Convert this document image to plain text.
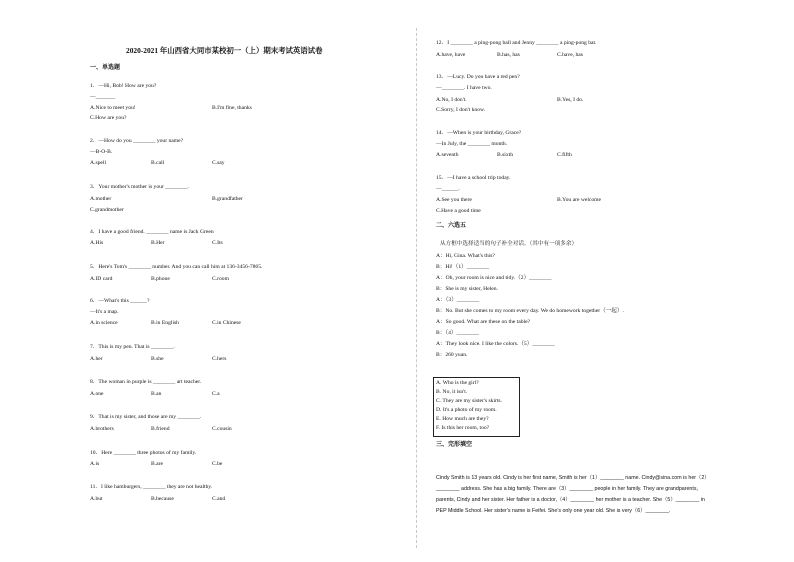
2020-2021 年山西省大同市某校初一（上）期末考试英语试卷
一、单选题
1．—Hi, Bob! How are you?
—_______
A.Nice to meet you!	B.I'm fine, thanks
C.How are you?
2．—How do you ________ your name?
—B-O-B.
A.spell	B.call	C.say
3．Your mother's mother is your ________.
A.mother	B.grandfather
C.grandmother
4．I have a good friend. ________ name is Jack Green
A.His	B.Her	C.Its
5．Here's Tom's ________ number. And you can call him at 136-3456-7865.
A.ID card	B.phone	C.room
6．—What's this ______?
—It's a map.
A.in science	B.in English	C.in Chinese
7．This is my pen. That is ________.
A.her	B.she	C.hers
8．The woman in purple is ________ art teacher.
A.one	B.an	C.a
9．That is my sister, and those are my ________.
A.brothers	B.friend	C.cousin
10．Here ________ three photos of my family.
A.is	B.are	C.be
11．I like hamburgers, ________ they are not healthy.
A.but	B.because	C.and
12．I ________ a ping-pong ball and Jenny ________ a ping-pong bat.
A.have, have	B.has, has	C.have, has
13．—Lucy. Do you have a red pen?
—________. I have two.
A.No, I don't.	B.Yes, I do.
C.Sorry, I don't know.
14．—When is your birthday, Grace?
—In July, the ________ month.
A.seventh	B.sixth	C.fifth
15．—I have a school trip today.
—______.
A.See you there	B.You are welcome
C.Have a good time
二、六选五
从方框中选择适当的句子补全对话。（其中有一项多余）
A：Hi, Gina. What's this?
B：Hi!（1）________
A：Oh, your room is nice and tidy.（2）________
B：She is my sister, Helen.
A：（3）________
B：No. But she comes to my room every day. We do homework together（一起）.
A：So good. What are these on the table?
B：（4）________
A：They look nice. I like the colors.（5）________
B：260 yuan.
A. Who is the girl?
B. No, it isn't.
C. They are my sister's skirts.
D. It's a photo of my room.
E. How much are they?
F. Is this her room, too?
三、完形填空
Cindy Smith is 13 years old. Cindy is her first name, Smith is her（1）________ name. Cindy@sina.com is her（2）
________ address. She has a big family. There are（3）________ people in her family. They are grandparents,
parents, Cindy and her sister. Her father is a doctor,（4）________ her mother is a teacher. She（5）________ in
PEP Middle School. Her sister's name is Feifei. She's only one year old. She is very（6）________.
